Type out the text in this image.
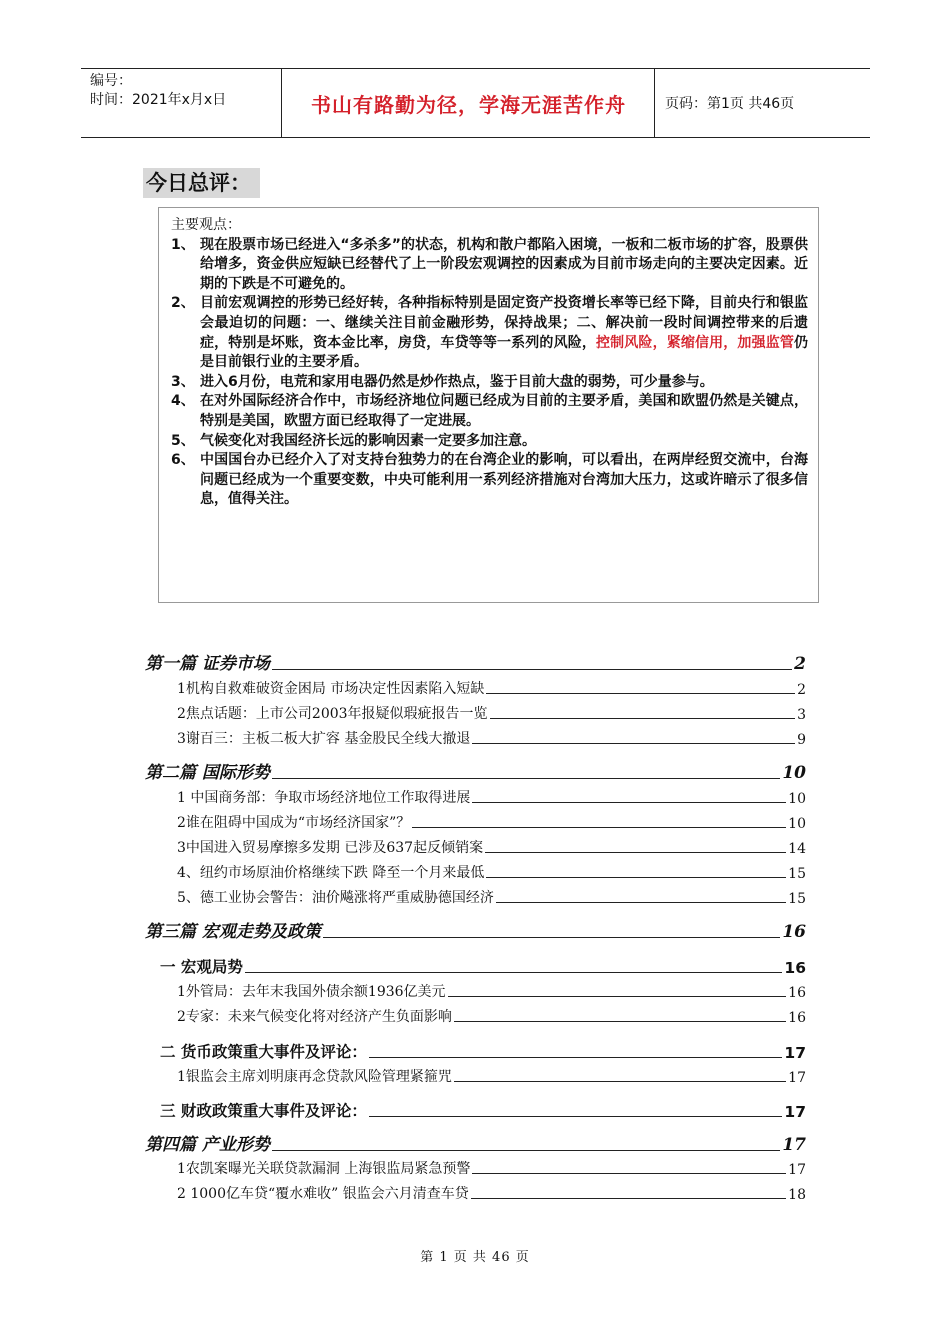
编号：
时间：2021年x月x日	书山有路勤为径，学海无涯苦作舟	页码：第1页 共46页
今日总评：
主要观点：
1、 现在股票市场已经进入“多杀多”的状态，机构和散户都陷入困境，一板和二板市场的扩容，股票供给增多，资金供应短缺已经替代了上一阶段宏观调控的因素成为目前市场走向的主要决定因素。近期的下跌是不可避免的。
2、 目前宏观调控的形势已经好转，各种指标特别是固定资产投资增长率等已经下降，目前央行和银监会最迫切的问题：一、继续关注目前金融形势，保持战果；二、解决前一段时间调控带来的后遗症，特别是坏账，资本金比率，房贷，车贷等等一系列的风险，控制风险，紧缩信用，加强监管仍是目前银行业的主要矛盾。
3、 进入6月份，电荒和家用电器仍然是炒作热点，鉴于目前大盘的弱势，可少量参与。
4、 在对外国际经济合作中，市场经济地位问题已经成为目前的主要矛盾，美国和欧盟仍然是关键点，特别是美国，欧盟方面已经取得了一定进展。
5、 气候变化对我国经济长远的影响因素一定要多加注意。
6、 中国国台办已经介入了对支持台独势力的在台湾企业的影响，可以看出，在两岸经贸交流中，台海问题已经成为一个重要变数，中央可能利用一系列经济措施对台湾加大压力，这或许暗示了很多信息，值得关注。
第一篇 证券市场	2
1机构自救难破资金困局 市场决定性因素陷入短缺	2
2焦点话题：上市公司2003年报疑似瑕疵报告一览	3
3谢百三：主板二板大扩容 基金股民全线大撤退	9
第二篇 国际形势	10
1 中国商务部：争取市场经济地位工作取得进展	10
2谁在阻碍中国成为“市场经济国家”？	10
3中国进入贸易摩擦多发期 已涉及637起反倾销案	14
4、纽约市场原油价格继续下跌 降至一个月来最低	15
5、德工业协会警告：油价飚涨将严重威胁德国经济	15
第三篇 宏观走势及政策	16
一 宏观局势	16
1外管局：去年末我国外债余额1936亿美元	16
2专家：未来气候变化将对经济产生负面影响	16
二 货币政策重大事件及评论：	17
1银监会主席刘明康再念贷款风险管理紧箍咒	17
三 财政政策重大事件及评论：	17
第四篇 产业形势	17
1农凯案曝光关联贷款漏洞 上海银监局紧急预警	17
2 1000亿车贷“覆水难收” 银监会六月清查车贷	18
第 1 页 共 46 页
